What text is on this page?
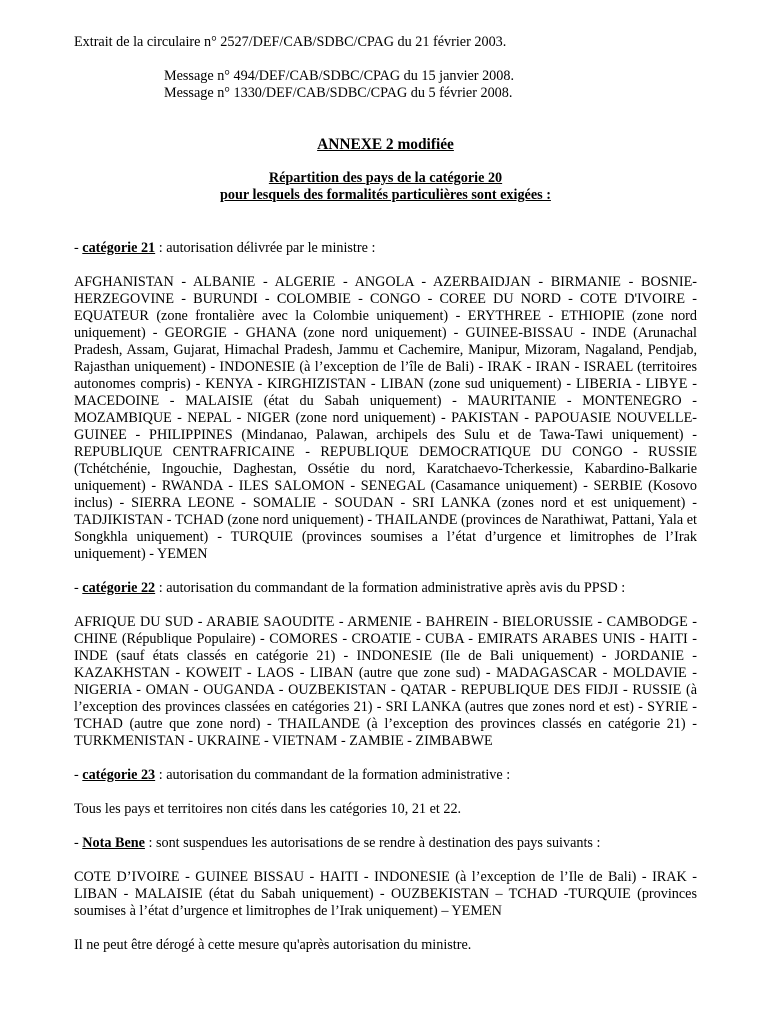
Extrait de la circulaire n° 2527/DEF/CAB/SDBC/CPAG du 21 février 2003.
Message n° 494/DEF/CAB/SDBC/CPAG du 15 janvier 2008.
Message n° 1330/DEF/CAB/SDBC/CPAG du 5 février 2008.
ANNEXE 2 modifiée
Répartition des pays de la catégorie 20
pour lesquels des formalités particulières sont exigées :
- catégorie 21 : autorisation délivrée par le ministre :
AFGHANISTAN - ALBANIE - ALGERIE - ANGOLA - AZERBAIDJAN - BIRMANIE - BOSNIE-HERZEGOVINE - BURUNDI - COLOMBIE - CONGO - COREE DU NORD - COTE D'IVOIRE - EQUATEUR (zone frontalière avec la Colombie uniquement) - ERYTHREE - ETHIOPIE (zone nord uniquement) - GEORGIE - GHANA (zone nord uniquement) - GUINEE-BISSAU - INDE (Arunachal Pradesh, Assam, Gujarat, Himachal Pradesh, Jammu et Cachemire, Manipur, Mizoram, Nagaland, Pendjab, Rajasthan uniquement) - INDONESIE (à l’exception de l’île de Bali) - IRAK - IRAN - ISRAEL (territoires autonomes compris) - KENYA - KIRGHIZISTAN - LIBAN (zone sud uniquement) - LIBERIA - LIBYE - MACEDOINE - MALAISIE (état du Sabah uniquement) - MAURITANIE - MONTENEGRO - MOZAMBIQUE - NEPAL - NIGER (zone nord uniquement) - PAKISTAN - PAPOUASIE NOUVELLE-GUINEE - PHILIPPINES (Mindanao, Palawan, archipels des Sulu et de Tawa-Tawi uniquement) - REPUBLIQUE CENTRAFRICAINE - REPUBLIQUE DEMOCRATIQUE DU CONGO - RUSSIE (Tchétchénie, Ingouchie, Daghestan, Ossétie du nord, Karatchaevo-Tcherkessie, Kabardino-Balkarie uniquement) - RWANDA - ILES SALOMON - SENEGAL (Casamance uniquement) - SERBIE (Kosovo inclus) - SIERRA LEONE - SOMALIE - SOUDAN - SRI LANKA (zones nord et est uniquement) - TADJIKISTAN - TCHAD (zone nord uniquement) - THAILANDE (provinces de Narathiwat, Pattani, Yala et Songkhla uniquement) - TURQUIE (provinces soumises a l’état d’urgence et limitrophes de l’Irak uniquement) - YEMEN
- catégorie 22 : autorisation du commandant de la formation administrative après avis du PPSD :
AFRIQUE DU SUD - ARABIE SAOUDITE - ARMENIE - BAHREIN - BIELORUSSIE - CAMBODGE - CHINE (République Populaire) - COMORES - CROATIE - CUBA - EMIRATS ARABES UNIS - HAITI - INDE (sauf états classés en catégorie 21) - INDONESIE (Ile de Bali uniquement) - JORDANIE - KAZAKHSTAN - KOWEIT - LAOS - LIBAN (autre que zone sud) - MADAGASCAR - MOLDAVIE - NIGERIA - OMAN - OUGANDA - OUZBEKISTAN - QATAR - REPUBLIQUE DES FIDJI - RUSSIE (à l’exception des provinces classées en catégories 21) - SRI LANKA (autres que zones nord et est) - SYRIE - TCHAD (autre que zone nord) - THAILANDE (à l’exception des provinces classés en catégorie 21) - TURKMENISTAN - UKRAINE - VIETNAM - ZAMBIE - ZIMBABWE
- catégorie 23 : autorisation du commandant de la formation administrative :
Tous les pays et territoires non cités dans les catégories 10, 21 et 22.
- Nota Bene : sont suspendues les autorisations de se rendre à destination des pays suivants :
COTE D’IVOIRE - GUINEE BISSAU - HAITI - INDONESIE (à l’exception de l’Ile de Bali) - IRAK - LIBAN - MALAISIE (état du Sabah uniquement) - OUZBEKISTAN – TCHAD -TURQUIE (provinces soumises à l’état d’urgence et limitrophes de l’Irak uniquement) – YEMEN
Il ne peut être dérogé à cette mesure qu'après autorisation du ministre.
